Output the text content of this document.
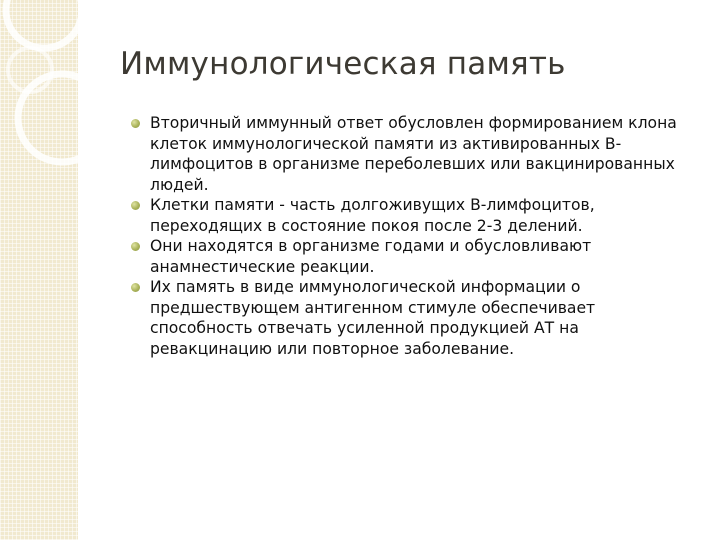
Иммунологическая память
Вторичный иммунный ответ обусловлен формированием клона клеток иммунологической памяти из активированных В-лимфоцитов в организме переболевших или вакцинированных людей.
Клетки памяти - часть долгоживущих В-лимфоцитов, переходящих в состояние покоя после 2-3 делений.
Они находятся в организме годами и обусловливают анамнестические реакции.
Их память в виде иммунологической информации о предшествующем антигенном стимуле обеспечивает способность отвечать усиленной продукцией АТ на ревакцинацию или повторное заболевание.
